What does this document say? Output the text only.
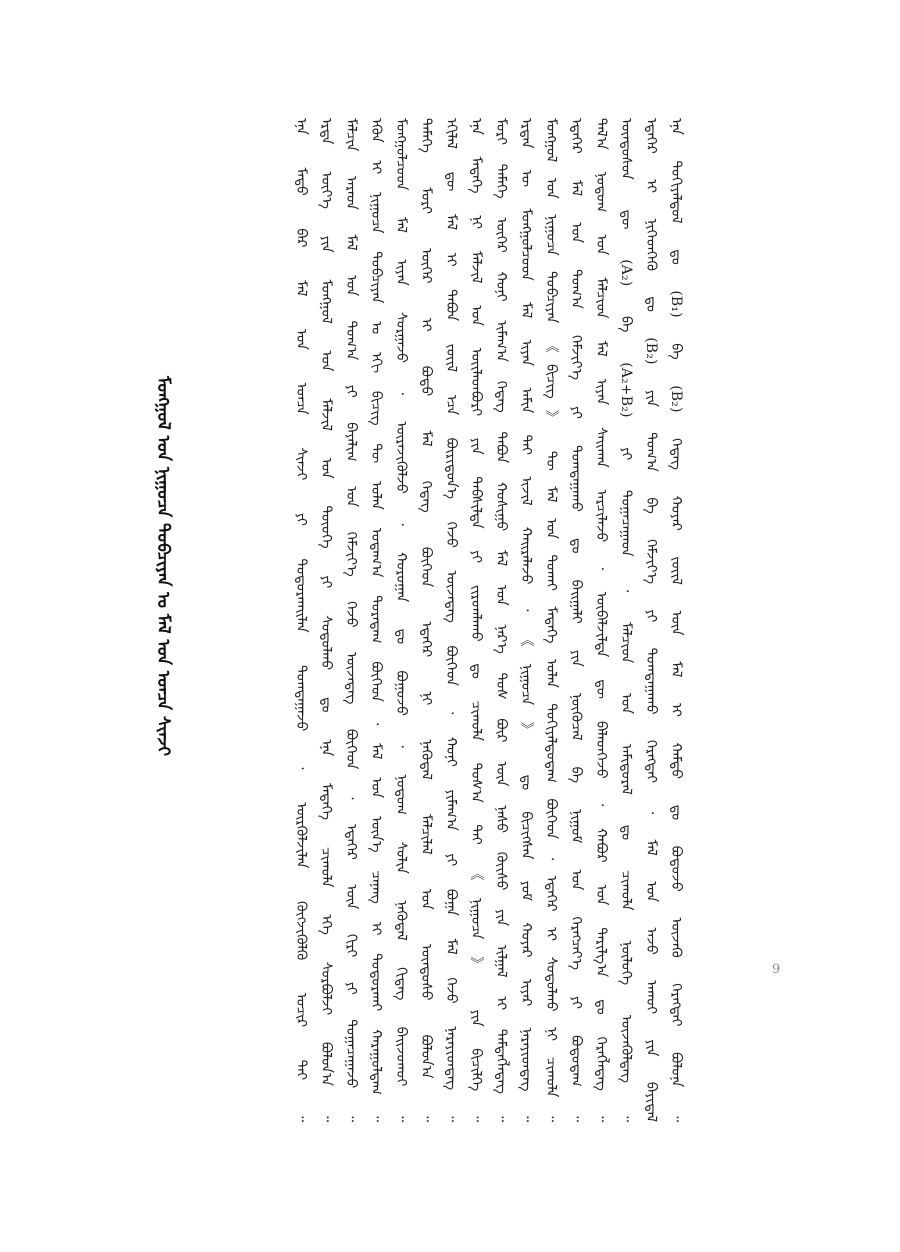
ᠡᠨᠡ ᠲᠣᠬᠢᠶᠠᠯᠳᠤᠯ ᠳᠤ (B₁) ᠪᠠ (B₂) ᠭᠡᠳᠡᠭ ᠬᠣᠶᠠᠷ ᠵᠦᠢᠯ ᠦᠨ ᠮᠠᠯ ᠢ ᠬᠠᠮᠲᠤ ᠳᠤ ᠪᠣᠳᠣᠵᠤ ᠦᠵᠡᠬᠦ ᠬᠡᠷᠡᠭᠲᠡᠶ ᠪᠣᠯᠤᠨᠠ ᠃
ᠡᠳᠡᠭᠡᠷ ᠢ ᠨᠢᠭᠡᠳᠬᠡᠬᠦ ᠳᠤ (B₂) ᠶᠢᠨ ᠲᠣᠭ᠎ᠠ ᠪᠠ ᠬᠡᠮᠵᠢᠶ᠎ᠡ ᠶᠢ ᠲᠣᠭᠲᠠᠭᠠᠬᠤ ᠬᠡᠷᠡᠭᠲᠡᠶ ᠂ ᠮᠠᠯ ᠤᠨ ᠠᠵᠤ ᠠᠬᠤᠢ ᠶᠢᠨ ᠪᠠᠶᠢᠳᠠᠯ
ᠦᠨᠳᠦᠰᠦᠨ ᠳᠦ (A₂) ᠪᠠ (A₂+B₂) ᠶᠢ ᠲᠣᠭᠠᠴᠠᠭᠠᠳ ᠂ ᠮᠠᠯᠴᠢᠳ ᠤᠨ ᠠᠮᠢᠳᠤᠷᠠᠯ ᠳᠤ ᠴᠢᠬᠤᠯᠠ ᠨᠥᠯᠦᠭᠡ ᠦᠵᠡᠭᠦᠯᠳᠡᠭ ᠃
ᠲᠠᠯ᠎ᠠ ᠨᠤᠲᠤᠭ ᠤᠨ ᠮᠠᠯᠴᠢᠳ ᠮᠠᠯ ᠢᠶᠠᠨ ᠰᠠᠢᠬᠠᠨ ᠠᠷᠴᠢᠯᠠᠵᠤ ᠂ ᠥᠪᠡᠯᠵᠢᠯᠲᠡ ᠳᠦ ᠪᠡᠯᠡᠳᠬᠡᠵᠦ ᠂ ᠬᠠᠪᠤᠷ ᠤᠨ ᠲᠠᠷᠢᠯᠭ᠎ᠠ ᠳᠤ ᠬᠡᠷᠡᠭᠯᠡᠳᠡᠭ ᠃
ᠡᠳᠡᠭᠡᠷ ᠮᠠᠯ ᠤᠨ ᠲᠣᠭ᠎ᠠ ᠬᠡᠮᠵᠢᠶ᠎ᠡ ᠶᠢ ᠲᠣᠭᠲᠠᠭᠠᠬᠤ ᠳᠤ ᠪᠠᠢᠭᠠᠯᠢ ᠶᠢᠨ ᠨᠥᠬᠦᠴᠡᠯ ᠪᠠ ᠨᠢᠭᠤᠮ ᠤᠨ ᠬᠡᠷᠡᠭᠴᠡᠶ᠎ᠡ ᠶᠢ ᠪᠣᠳᠣᠳᠠᠭ ᠃
ᠮᠣᠩᠭᠣᠯ ᠤᠨ ᠨᠢᠭᠤᠴᠠ ᠲᠣᠪᠴᠢᠶᠠᠨ 《ᠪᠢᠴᠢᠭ》 ᠲᠦ ᠮᠠᠯ ᠤᠨ ᠲᠤᠬᠠᠢ ᠮᠡᠳᠡᠭᠡ ᠣᠯᠠᠨ ᠲᠣᠬᠢᠶᠠᠯᠳᠤᠳᠠᠭ ᠪᠥᠭᠡᠳ ᠂ ᠡᠳᠡᠭᠡᠷ ᠢ ᠰᠤᠳᠤᠯᠬᠤ ᠨᠢ ᠴᠢᠬᠤᠯᠠ ᠃
ᠡᠷᠲᠡᠨ ᠦ ᠮᠣᠩᠭᠣᠯᠴᠤᠳ ᠮᠠᠯ ᠢᠶᠠᠨ ᠠᠮᠢᠨ ᠲᠡᠢ ᠢᠵᠢᠯ ᠬᠠᠢᠷᠠᠯᠠᠵᠤ ᠂ 《ᠨᠢᠭᠤᠴᠠ》 ᠳᠤ ᠪᠢᠴᠢᠭᠰᠡᠨ ᠶᠤᠮ ᠬᠣᠶᠠᠷ ᠢᠶᠠᠷ ᠨᠡᠷᠡᠶᠢᠳᠳᠡᠭ ᠃
ᠮᠣᠷᠢ ᠲᠡᠮᠡᠭᠡ ᠦᠬᠡᠷ ᠬᠣᠨᠢ ᠢᠮᠠᠭ᠎ᠠ ᠭᠡᠳᠡᠭ ᠲᠠᠪᠤᠨ ᠬᠣᠰᠢᠭᠤ ᠮᠠᠯ ᠤᠨ ᠨᠡᠷ᠎ᠡ ᠲᠤᠰ ᠪᠦᠷ ᠦᠨ ᠨᠠᠰᠤ ᠬᠦᠢᠰᠦ ᠶᠢᠨ ᠢᠯᠭᠠᠯ ᠢ ᠲᠡᠮᠳᠡᠭᠯᠡᠳᠡᠭ ᠃
ᠡᠨᠡ ᠮᠡᠳᠡᠭᠡ ᠨᠢ ᠮᠠᠯᠵᠢᠯ ᠤᠨ ᠦᠢᠯᠡᠳᠪᠦᠷᠢ ᠶᠢᠨ ᠳᠡᠪᠰᠢᠯᠲᠡ ᠶᠢ ᠵᠢᠷᠤᠭᠯᠠᠬᠤ ᠳᠤ ᠴᠢᠬᠤᠯᠠ ᠲᠤᠰ᠎ᠠ ᠲᠠᠢ 《ᠨᠢᠭᠤᠴᠠ》 ᠶᠢᠨ ᠪᠢᠴᠢᠯᠭᠡ ᠃
ᠡᠬᠢᠯᠡᠯ ᠳᠦ ᠮᠠᠯ ᠢ ᠲᠠᠪᠤᠨ ᠵᠦᠢᠯ ᠡᠴᠡ ᠪᠦᠷᠢᠳᠦᠨ᠎ᠡ ᠭᠡᠵᠦ ᠦᠵᠡᠳᠡᠭ ᠪᠥᠭᠡᠳ ᠂ ᠬᠣᠨᠢ ᠶᠢᠮᠠᠭ᠎ᠠ ᠶᠢ ᠪᠣᠭᠠ ᠮᠠᠯ ᠭᠡᠵᠦ ᠨᠡᠷᠡᠶᠢᠳᠳᠡᠭ ᠃
ᠲᠡᠮᠡᠭᠡ ᠮᠣᠷᠢ ᠦᠬᠡᠷ ᠢ ᠪᠣᠳᠤ ᠮᠠᠯ ᠭᠡᠳᠡᠭ ᠪᠥᠭᠡᠳ ᠡᠳᠡᠭᠡᠷ ᠨᠢ ᠨᠡᠭᠦᠳᠡᠯ ᠮᠠᠯᠴᠢᠯᠠᠯ ᠤᠨ ᠦᠨᠳᠦᠰᠦ ᠪᠣᠯᠤᠨ᠎ᠠ ᠃
ᠮᠣᠩᠭᠣᠯᠴᠤᠳ ᠮᠠᠯ ᠢᠶᠠᠨ ᠰᠤᠷᠭᠠᠵᠤ ᠂ ᠦᠷᠡᠵᠢᠭᠦᠯᠵᠦ ᠂ ᠬᠣᠷᠣᠭᠠᠨ ᠳᠤ ᠪᠣᠭᠤᠵᠤ ᠂ ᠨᠤᠲᠤᠭ ᠰᠣᠯᠢᠨ ᠨᠡᠭᠦᠳᠡᠯ ᠬᠢᠳᠡᠭ ᠪᠠᠢᠵᠤᠬᠤᠢ ᠃
ᠡᠭᠦᠨ ᠢ ᠨᠢᠭᠤᠴᠠ ᠲᠣᠪᠴᠢᠶᠠᠨ ᠤ ᠡᠬᠢ ᠪᠢᠴᠢᠭ ᠲᠦ ᠣᠯᠠᠨ ᠤᠳᠠᠭ᠎ᠠ ᠳᠤᠷᠠᠳᠠᠭ ᠪᠥᠭᠡᠳ ᠂ ᠮᠠᠯ ᠤᠨ ᠦᠨ᠎ᠡ ᠴᠡᠨᠡᠩ ᠢ ᠲᠣᠳᠣᠷᠬᠠᠢ ᠬᠠᠷᠠᠭᠤᠯᠳᠠᠭ ᠃
ᠮᠠᠯᠴᠢᠨ ᠠᠷᠠᠳ ᠮᠠᠯ ᠤᠨ ᠲᠣᠭ᠎ᠠ ᠶᠢ ᠪᠠᠶᠠᠯᠢᠭ ᠤᠨ ᠬᠡᠮᠵᠢᠶ᠎ᠡ ᠭᠡᠵᠦ ᠦᠵᠡᠳᠡᠭ ᠪᠥᠭᠡᠳ ᠂ ᠡᠳᠡᠭᠡᠷ ᠦᠨ ᠬᠢᠷᠢ ᠶᠢ ᠲᠣᠭᠠᠴᠠᠭᠠᠵᠤ ᠃
ᠡᠷᠲᠡ ᠦᠶ᠎ᠡ ᠶᠢᠨ ᠮᠣᠩᠭᠣᠯ ᠤᠨ ᠮᠠᠯᠵᠢᠯ ᠤᠨ ᠲᠦᠦᠬᠡ ᠶᠢ ᠰᠤᠳᠤᠯᠬᠤ ᠳᠤ ᠡᠨᠡ ᠮᠡᠳᠡᠭᠡ ᠴᠢᠬᠤᠯᠠ ᠡᠬᠡ ᠰᠤᠷᠪᠤᠯᠵᠢ ᠪᠣᠯᠤᠨ᠎ᠠ ᠃
ᠡᠨᠡ ᠮᠡᠲᠦ ᠪᠠᠷ ᠮᠠᠯ ᠤᠨ ᠣᠨᠴᠠ ᠰᠢᠨᠵᠢ ᠶᠢ ᠲᠣᠳᠣᠷᠬᠠᠢᠯᠠᠨ ᠲᠣᠭᠲᠠᠭᠠᠵᠤ ᠂ ᠦᠷᠭᠦᠯᠵᠢᠯᠡᠨ ᠬᠥᠭᠵᠢᠭᠦᠯᠬᠦ ᠤᠴᠢᠷ ᠲᠠᠢ ᠃
ᠮᠣᠩᠭᠣᠯ ᠤᠨ ᠨᠢᠭᠤᠴᠠ ᠲᠣᠪᠴᠢᠶᠠᠨ ᠤ ᠮᠠᠯ ᠤᠨ ᠣᠨᠴᠠ ᠰᠢᠨᠵᠢ
9
